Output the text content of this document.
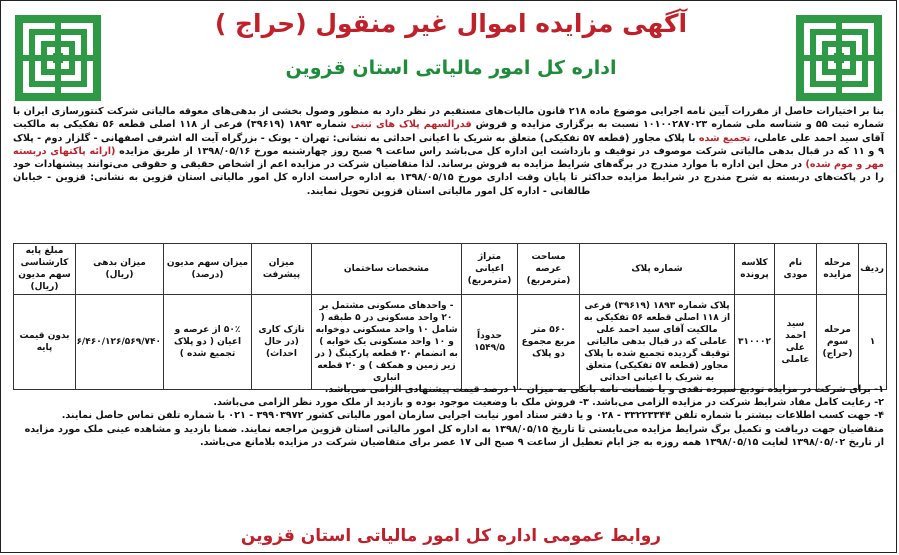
آگهی مزایده اموال غیر منقول (حراج )
اداره کل امور مالیاتی استان قزوین
بنا بر اختیارات حاصل از مقررات آیین نامه اجرایی موضوع ماده ۲۱۸ قانون مالیات‌های مستقیم در نظر دارد به منظور وصول بخشی از بدهی‌های معوقه مالیاتی شرکت کنتورسازی ایران با شماره ثبت ۵۵ و شناسه ملی شماره ۱۰۱۰۰۲۸۷۰۲۳ نسبت به برگزاری مزایده و فروش قدرالسهم پلاک های ثبتی شماره ۱۸۹۳ (۳۹۶۱۹) فرعی از ۱۱۸ اصلی قطعه ۵۶ تفکیکی به مالکیت آقای سید احمد علی عاملی، تجمیع شده با پلاک مجاور (قطعه ۵۷ تفکیکی) متعلق به شریک با اعیانی احداثی به نشانی: تهران - پونک - بزرگراه آیت اله اشرفی اصفهانی - گلزار دوم - پلاک ۹ و ۱۱ که در قبال بدهی مالیاتی شرکت موصوف در توقیف و بازداشت این اداره کل می‌باشد راس ساعت ۹ صبح روز چهارشنبه مورخ ۱۳۹۸/۰۵/۱۶ از طریق مزایده (ارائه پاکتهای دربسته مهر و موم شده) در محل این اداره با موارد مندرج در برگه‌های شرایط مزایده به فروش برساند. لذا متقاضیان شرکت در مزایده اعم از اشخاص حقیقی و حقوقی می‌توانند پیشنهادات خود را در پاکت‌های دربسته به شرح مندرج در شرایط مزایده حداکثر تا پایان وقت اداری مورخ ۱۳۹۸/۰۵/۱۵ به اداره حراست اداره کل امور مالیاتی استان قزوین به نشانی: قزوین - خیابان طالقانی - اداره کل امور مالیاتی استان قزوین تحویل نمایند.
ردیف	مرحله مزایده	نام مودی	کلاسه پرونده	شماره پلاک	مساحت عرصه (مترمربع)	متراژ اعیانی (مترمربع)	مشخصات ساختمان	میزان پیشرفت	میزان سهم مدیون (درصد)	میزان بدهی (ریال)	مبلغ پایه کارشناسی سهم مدیون (ریال)
۱	مرحله سوم (حراج)	سید احمد علی عاملی	۳۱۰۰۰۲	پلاک شماره ۱۸۹۳ (۳۹۶۱۹) فرعی از ۱۱۸ اصلی قطعه ۵۶ تفکیکی به مالکیت آقای سید احمد علی عاملی که در قبال بدهی مالیاتی توقیف گردیده تجمیع شده با پلاک مجاور (قطعه ۵۷ تفکیکی) متعلق به شریک با اعیانی احداثی	۵۶۰ متر مربع مجموع دو پلاک	حدوداً ۱۵۴۹/۵	- واحدهای مسکونی مشتمل بر ۲۰ واحد مسکونی در ۵ طبقه ( شامل ۱۰ واحد مسکونی دوخوابه و ۱۰ واحد مسکونی یک خوابه ) به انضمام ۲۰ قطعه پارکینگ ( در زیر زمین و همکف ) و ۲۰ قطعه انباری	نازک کاری (در حال احداث)	۵۰٪ از عرصه و اعیان ( دو پلاک تجمیع شده )	۶/۴۶۰/۱۲۶/۵۶۹/۷۴۰	بدون قیمت پایه

۱- برای شرکت در مزایده تودیع سپرده نقدی و یا ضمانت نامه بانکی به میزان ۱۰ درصد قیمت پیشنهادی الزامی می‌باشد.

۲- رعایت کامل مفاد شرایط شرکت در مزایده الزامی می‌باشد. ۳- فروش ملک با وضعیت موجود بوده و بازدید از ملک مورد نظر الزامی می‌باشد.

۴- جهت کسب اطلاعات بیشتر با شماره تلفن ۳۳۲۲۳۳۴۴ - ۰۲۸ و یا دفتر ستاد امور نیابت اجرایی سازمان امور مالیاتی کشور ۳۹۹۰۳۹۷۲ - ۰۲۱ با شماره تلفن تماس حاصل نمایند.

متقاضیان جهت دریافت و تکمیل برگ شرایط مزایده می‌بایستی تا تاریخ ۱۳۹۸/۰۵/۱۵ به اداره کل امور مالیاتی استان قزوین مراجعه نمایند. ضمنا بازدید و مشاهده عینی ملک مورد مزایده از تاریخ ۱۳۹۸/۰۵/۰۲ لغایت ۱۳۹۸/۰۵/۱۵ همه روزه به جز ایام تعطیل از ساعت ۹ صبح الی ۱۷ عصر برای متقاضیان شرکت در مزایده بلامانع می‌باشد.

روابط عمومی اداره کل امور مالیاتی استان قزوین
